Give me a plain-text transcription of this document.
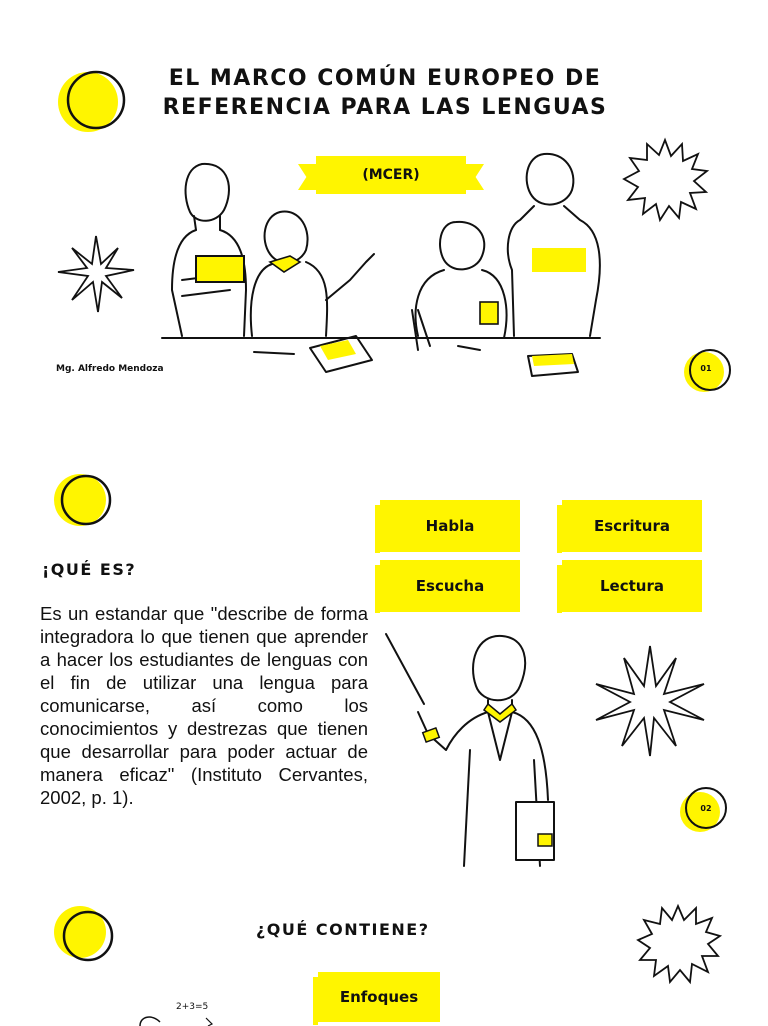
EL MARCO COMÚN EUROPEO DE REFERENCIA PARA LAS LENGUAS
(MCER)
Mg. Alfredo Mendoza	01
¡QUÉ ES?
Es un estandar que "describe de forma integradora lo que tienen que aprender a hacer los estudiantes de lenguas con el fin de utilizar una lengua para comunicarse, así como los conocimientos y destrezas que tienen que desarrollar para poder actuar de manera eficaz" (Instituto Cervantes, 2002, p. 1).
Habla	Escritura
Escucha	Lectura
02
¿QUÉ CONTIENE?
Enfoques
2+3=5
